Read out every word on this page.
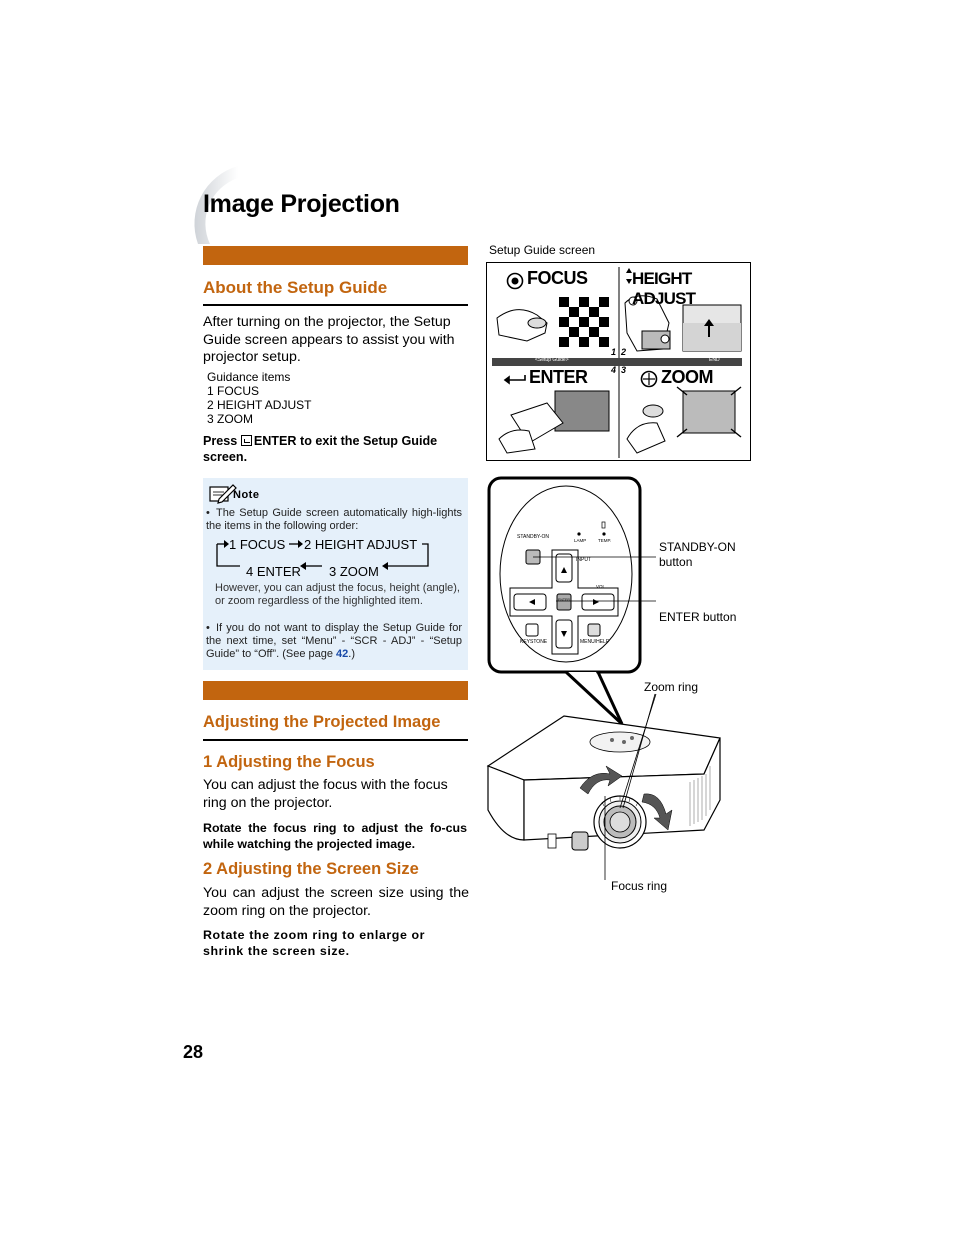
Image Projection
About the Setup Guide
After turning on the projector, the Setup Guide screen appears to assist you with projector setup.
Guidance items
1 FOCUS
2 HEIGHT ADJUST
3 ZOOM
Press ENTER to exit the Setup Guide screen.
Note
• The Setup Guide screen automatically high-lights the items in the following order:
1 FOCUS 2 HEIGHT ADJUST
4 ENTER 3 ZOOM
However, you can adjust the focus, height (angle), or zoom regardless of the highlighted item.
• If you do not want to display the Setup Guide for the next time, set “Menu” - “SCR - ADJ” - “Setup Guide” to “Off”. (See page 42.)
Adjusting the Projected Image
1 Adjusting the Focus
You can adjust the focus with the focus ring on the projector.
Rotate the focus ring to adjust the fo-cus while watching the projected image.
2 Adjusting the Screen Size
You can adjust the screen size using the zoom ring on the projector.
Rotate the zoom ring to enlarge or shrink the screen size.
28
Setup Guide screen
FOCUS	HEIGHT ADJUST
ENTER	ZOOM
<Setup Guide>	END
1 2
4 3
STANDBY-ON
LAMP	TEMP.
INPUT
VOL
ENTER
KEYSTONE	MENU/HELP
STANDBY-ON button
ENTER button
Zoom ring
Focus ring
